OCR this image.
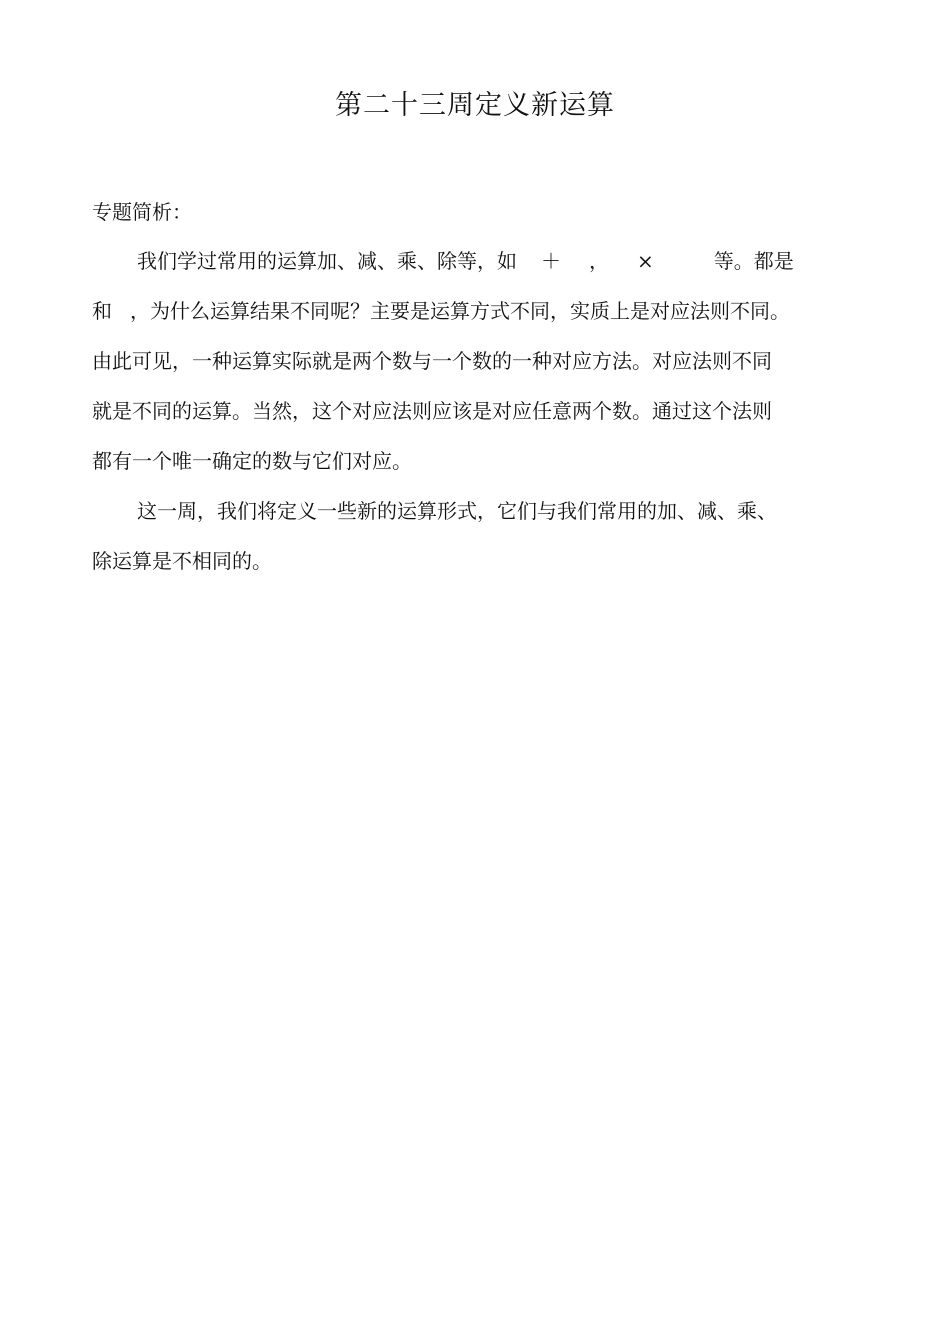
第二十三周定义新运算
专题简析：
我们学过常用的运算加、减、乘、除等，如 ＋ ， ×	等。都是
和 ，为什么运算结果不同呢？主要是运算方式不同，实质上是对应法则不同。
由此可见，一种运算实际就是两个数与一个数的一种对应方法。对应法则不同
就是不同的运算。当然，这个对应法则应该是对应任意两个数。通过这个法则
都有一个唯一确定的数与它们对应。
这一周，我们将定义一些新的运算形式，它们与我们常用的加、减、乘、
除运算是不相同的。
